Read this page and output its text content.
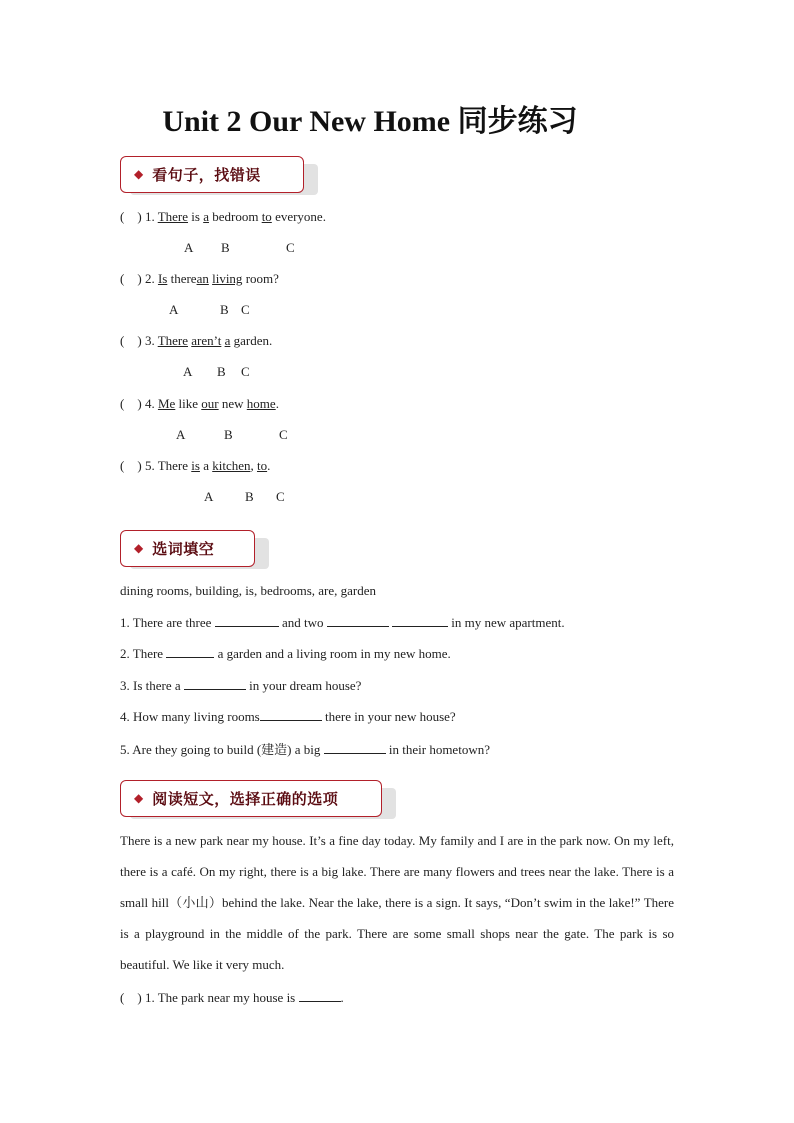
Unit 2 Our New Home 同步练习
◆ 看句子，找错误
( ) 1. There is a bedroom to everyone.
A B	C
( ) 2. Is therean living room?
A	B C
( ) 3. There aren’t a garden.
A B C
( ) 4. Me like our new home.
A	B	C
( ) 5. There is a kitchen, to.
A B C
◆ 选词填空
dining rooms, building, is, bedrooms, are, garden
1. There are three	and two	in my new apartment.
2. There	a garden and a living room in my new home.
3. Is there a	in your dream house?
4. How many living rooms	there in your new house?
5. Are they going to build (建造) a big	in their hometown?
◆ 阅读短文，选择正确的选项
There is a new park near my house. It’s a fine day today. My family and I are in the park now. On my left, there is a café. On my right, there is a big lake. There are many flowers and trees near the lake. There is a small hill（小山）behind the lake. Near the lake, there is a sign. It says, “Don’t swim in the lake!” There is a playground in the middle of the park. There are some small shops near the gate. The park is so beautiful. We like it very much.
( ) 1. The park near my house is	.
